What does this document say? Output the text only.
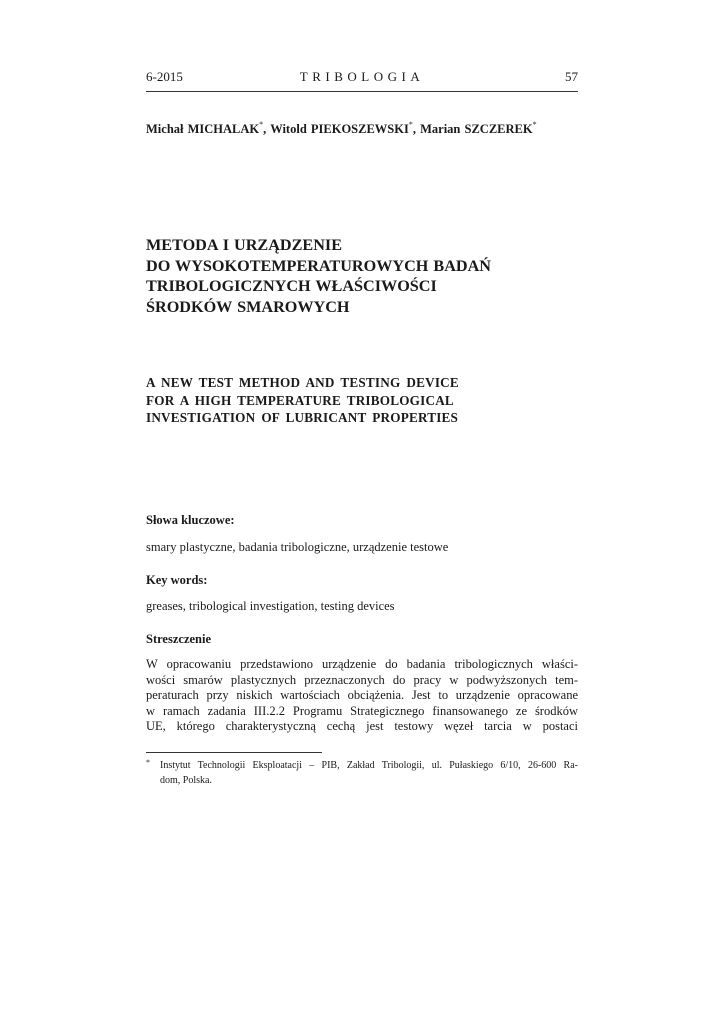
6-2015	TRIBOLOGIA	57
Michał MICHALAK*, Witold PIEKOSZEWSKI*, Marian SZCZEREK*
METODA I URZĄDZENIE
DO WYSOKOTEMPERATUROWYCH BADAŃ
TRIBOLOGICZNYCH WŁAŚCIWOŚCI
ŚRODKÓW SMAROWYCH
A NEW TEST METHOD AND TESTING DEVICE
FOR A HIGH TEMPERATURE TRIBOLOGICAL
INVESTIGATION OF LUBRICANT PROPERTIES
Słowa kluczowe:
smary plastyczne, badania tribologiczne, urządzenie testowe
Key words:
greases, tribological investigation, testing devices
Streszczenie
W opracowaniu przedstawiono urządzenie do badania tribologicznych właści-
wości smarów plastycznych przeznaczonych do pracy w podwyższonych tem-
peraturach przy niskich wartościach obciążenia. Jest to urządzenie opracowane
w ramach zadania III.2.2 Programu Strategicznego finansowanego ze środków
UE, którego charakterystyczną cechą jest testowy węzeł tarcia w postaci
* Instytut Technologii Eksploatacji – PIB, Zakład Tribologii, ul. Pułaskiego 6/10, 26-600 Ra-
dom, Polska.
